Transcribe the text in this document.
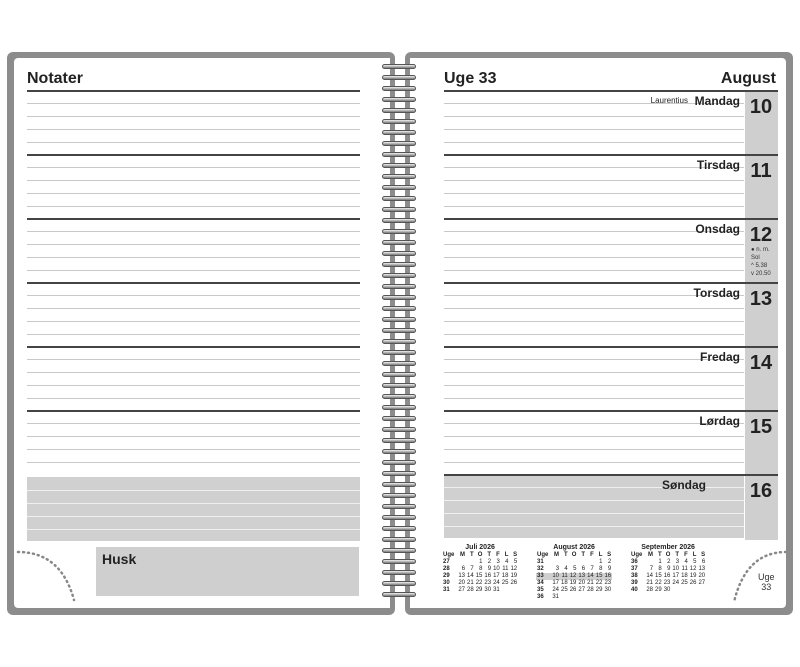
Notater
Husk
Uge 33	August
Laurentius Mandag 10
Tirsdag 11
Onsdag 12
Torsdag 13
Fredag 14
Lørdag 15
Søndag 16
● n. m.
Sol
^ 5.38
v 20.50
Juli 2026
Uge	M	T	O	T	F	L	S
27			1	2	3	4	5
28	6	7	8	9	10	11	12
29	13	14	15	16	17	18	19
30	20	21	22	23	24	25	26
31	27	28	29	30	31		
August 2026
Uge	M	T	O	T	F	L	S
31						1	2
32	3	4	5	6	7	8	9
33	10	11	12	13	14	15	16
34	17	18	19	20	21	22	23
35	24	25	26	27	28	29	30
36	31						
September 2026
Uge	M	T	O	T	F	L	S
36		1	2	3	4	5	6
37	7	8	9	10	11	12	13
38	14	15	16	17	18	19	20
39	21	22	23	24	25	26	27
40	28	29	30				
Uge
33
